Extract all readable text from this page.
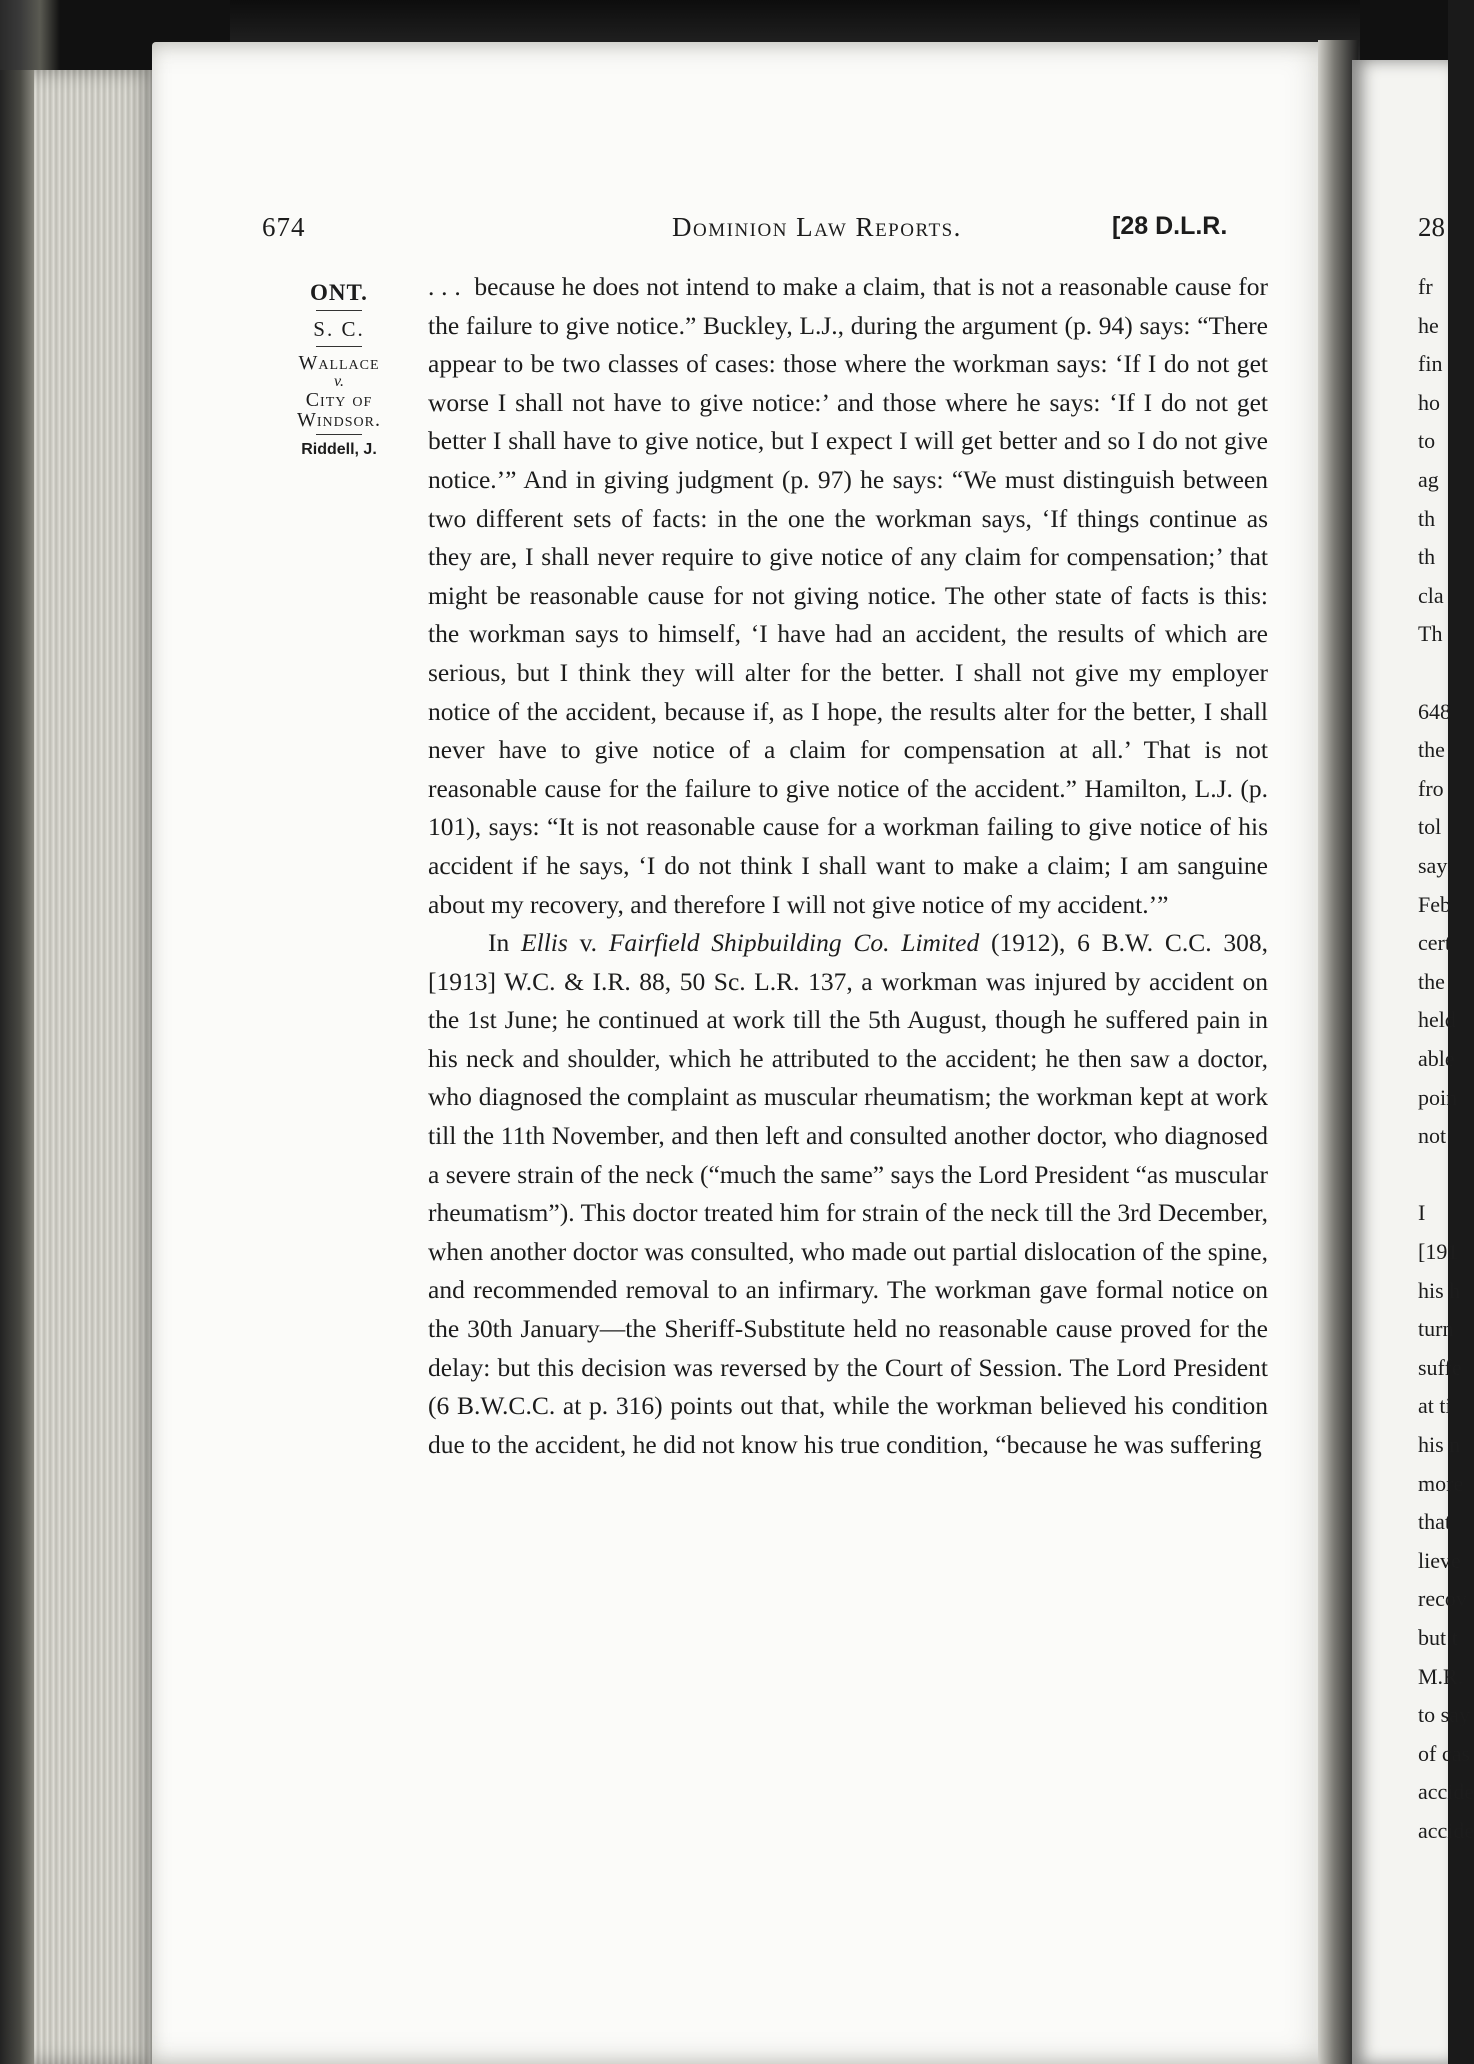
674	Dominion Law Reports.	[28 D.L.R.
ONT.
S. C.
Wallace
v.
City of
Windsor.
Riddell, J.

. . . because he does not intend to make a claim, that is not a reasonable cause for the failure to give notice.” Buckley, L.J., during the argument (p. 94) says: “There appear to be two classes of cases: those where the workman says: ‘If I do not get worse I shall not have to give notice:’ and those where he says: ‘If I do not get better I shall have to give notice, but I expect I will get better and so I do not give notice.’” And in giving judgment (p. 97) he says: “We must distinguish between two different sets of facts: in the one the workman says, ‘If things continue as they are, I shall never require to give notice of any claim for compensation;’ that might be reasonable cause for not giving notice. The other state of facts is this: the workman says to himself, ‘I have had an accident, the results of which are serious, but I think they will alter for the better. I shall not give my employer notice of the accident, because if, as I hope, the results alter for the better, I shall never have to give notice of a claim for compensation at all.’ That is not reasonable cause for the failure to give notice of the accident.” Hamilton, L.J. (p. 101), says: “It is not reasonable cause for a workman failing to give notice of his accident if he says, ‘I do not think I shall want to make a claim; I am sanguine about my recovery, and therefore I will not give notice of my accident.’”

In Ellis v. Fairfield Shipbuilding Co. Limited (1912), 6 B.W. C.C. 308, [1913] W.C. & I.R. 88, 50 Sc. L.R. 137, a workman was injured by accident on the 1st June; he continued at work till the 5th August, though he suffered pain in his neck and shoulder, which he attributed to the accident; he then saw a doctor, who diagnosed the complaint as muscular rheumatism; the workman kept at work till the 11th November, and then left and consulted another doctor, who diagnosed a severe strain of the neck (“much the same” says the Lord President “as muscular rheumatism”). This doctor treated him for strain of the neck till the 3rd December, when another doctor was consulted, who made out partial dislocation of the spine, and recommended removal to an infirmary. The workman gave formal notice on the 30th January—the Sheriff-Substitute held no reasonable cause proved for the delay: but this decision was reversed by the Court of Session. The Lord President (6 B.W.C.C. at p. 316) points out that, while the workman believed his condition due to the accident, he did not know his true condition, “because he was suffering

28
fr
he
fin
ho
to
ag
th
th
cla
Th
648
the
fro
tol
say
Feb
cert
the
held
able
poin
not
I
[191
his h
turn
suffe
at ti
his n
more
that
lieve
recov
but t
M.R.
to say
of cas
accide
accide
